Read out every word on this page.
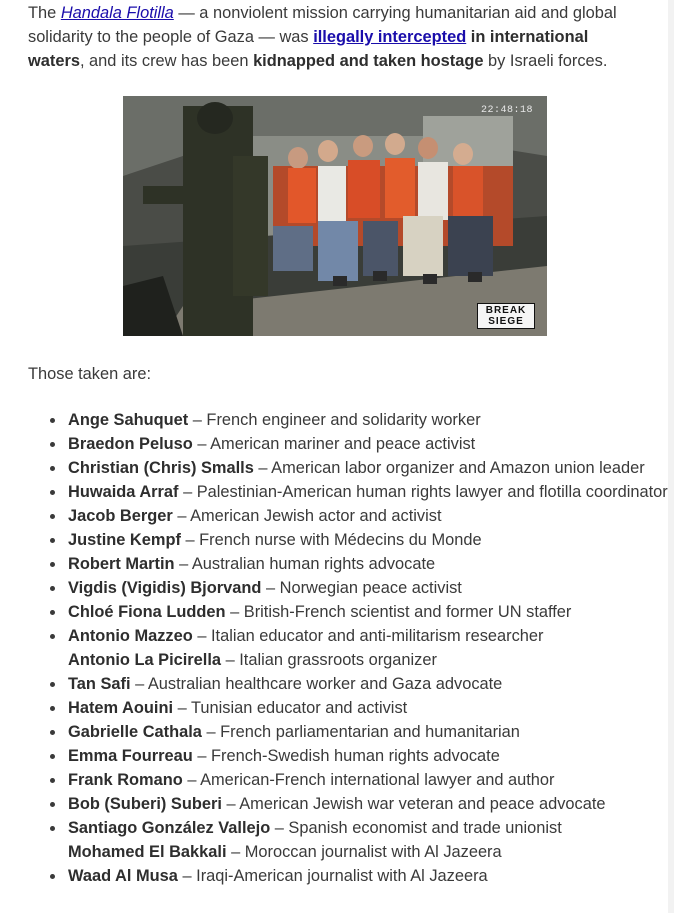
The Handala Flotilla — a nonviolent mission carrying humanitarian aid and global solidarity to the people of Gaza — was illegally intercepted in international waters, and its crew has been kidnapped and taken hostage by Israeli forces.

22:48:18
BREAK
SIEGE

Those taken are:

Ange Sahuquet – French engineer and solidarity worker
Braedon Peluso – American mariner and peace activist
Christian (Chris) Smalls – American labor organizer and Amazon union leader
Huwaida Arraf – Palestinian-American human rights lawyer and flotilla coordinator
Jacob Berger – American Jewish actor and activist
Justine Kempf – French nurse with Médecins du Monde
Robert Martin – Australian human rights advocate
Vigdis (Vigidis) Bjorvand – Norwegian peace activist
Chloé Fiona Ludden – British-French scientist and former UN staffer
Antonio Mazzeo – Italian educator and anti-militarism researcher
Antonio La Picirella – Italian grassroots organizer
Tan Safi – Australian healthcare worker and Gaza advocate
Hatem Aouini – Tunisian educator and activist
Gabrielle Cathala – French parliamentarian and humanitarian
Emma Fourreau – French-Swedish human rights advocate
Frank Romano – American-French international lawyer and author
Bob (Suberi) Suberi – American Jewish war veteran and peace advocate
Santiago González Vallejo – Spanish economist and trade unionist
Mohamed El Bakkali – Moroccan journalist with Al Jazeera
Waad Al Musa – Iraqi-American journalist with Al Jazeera
